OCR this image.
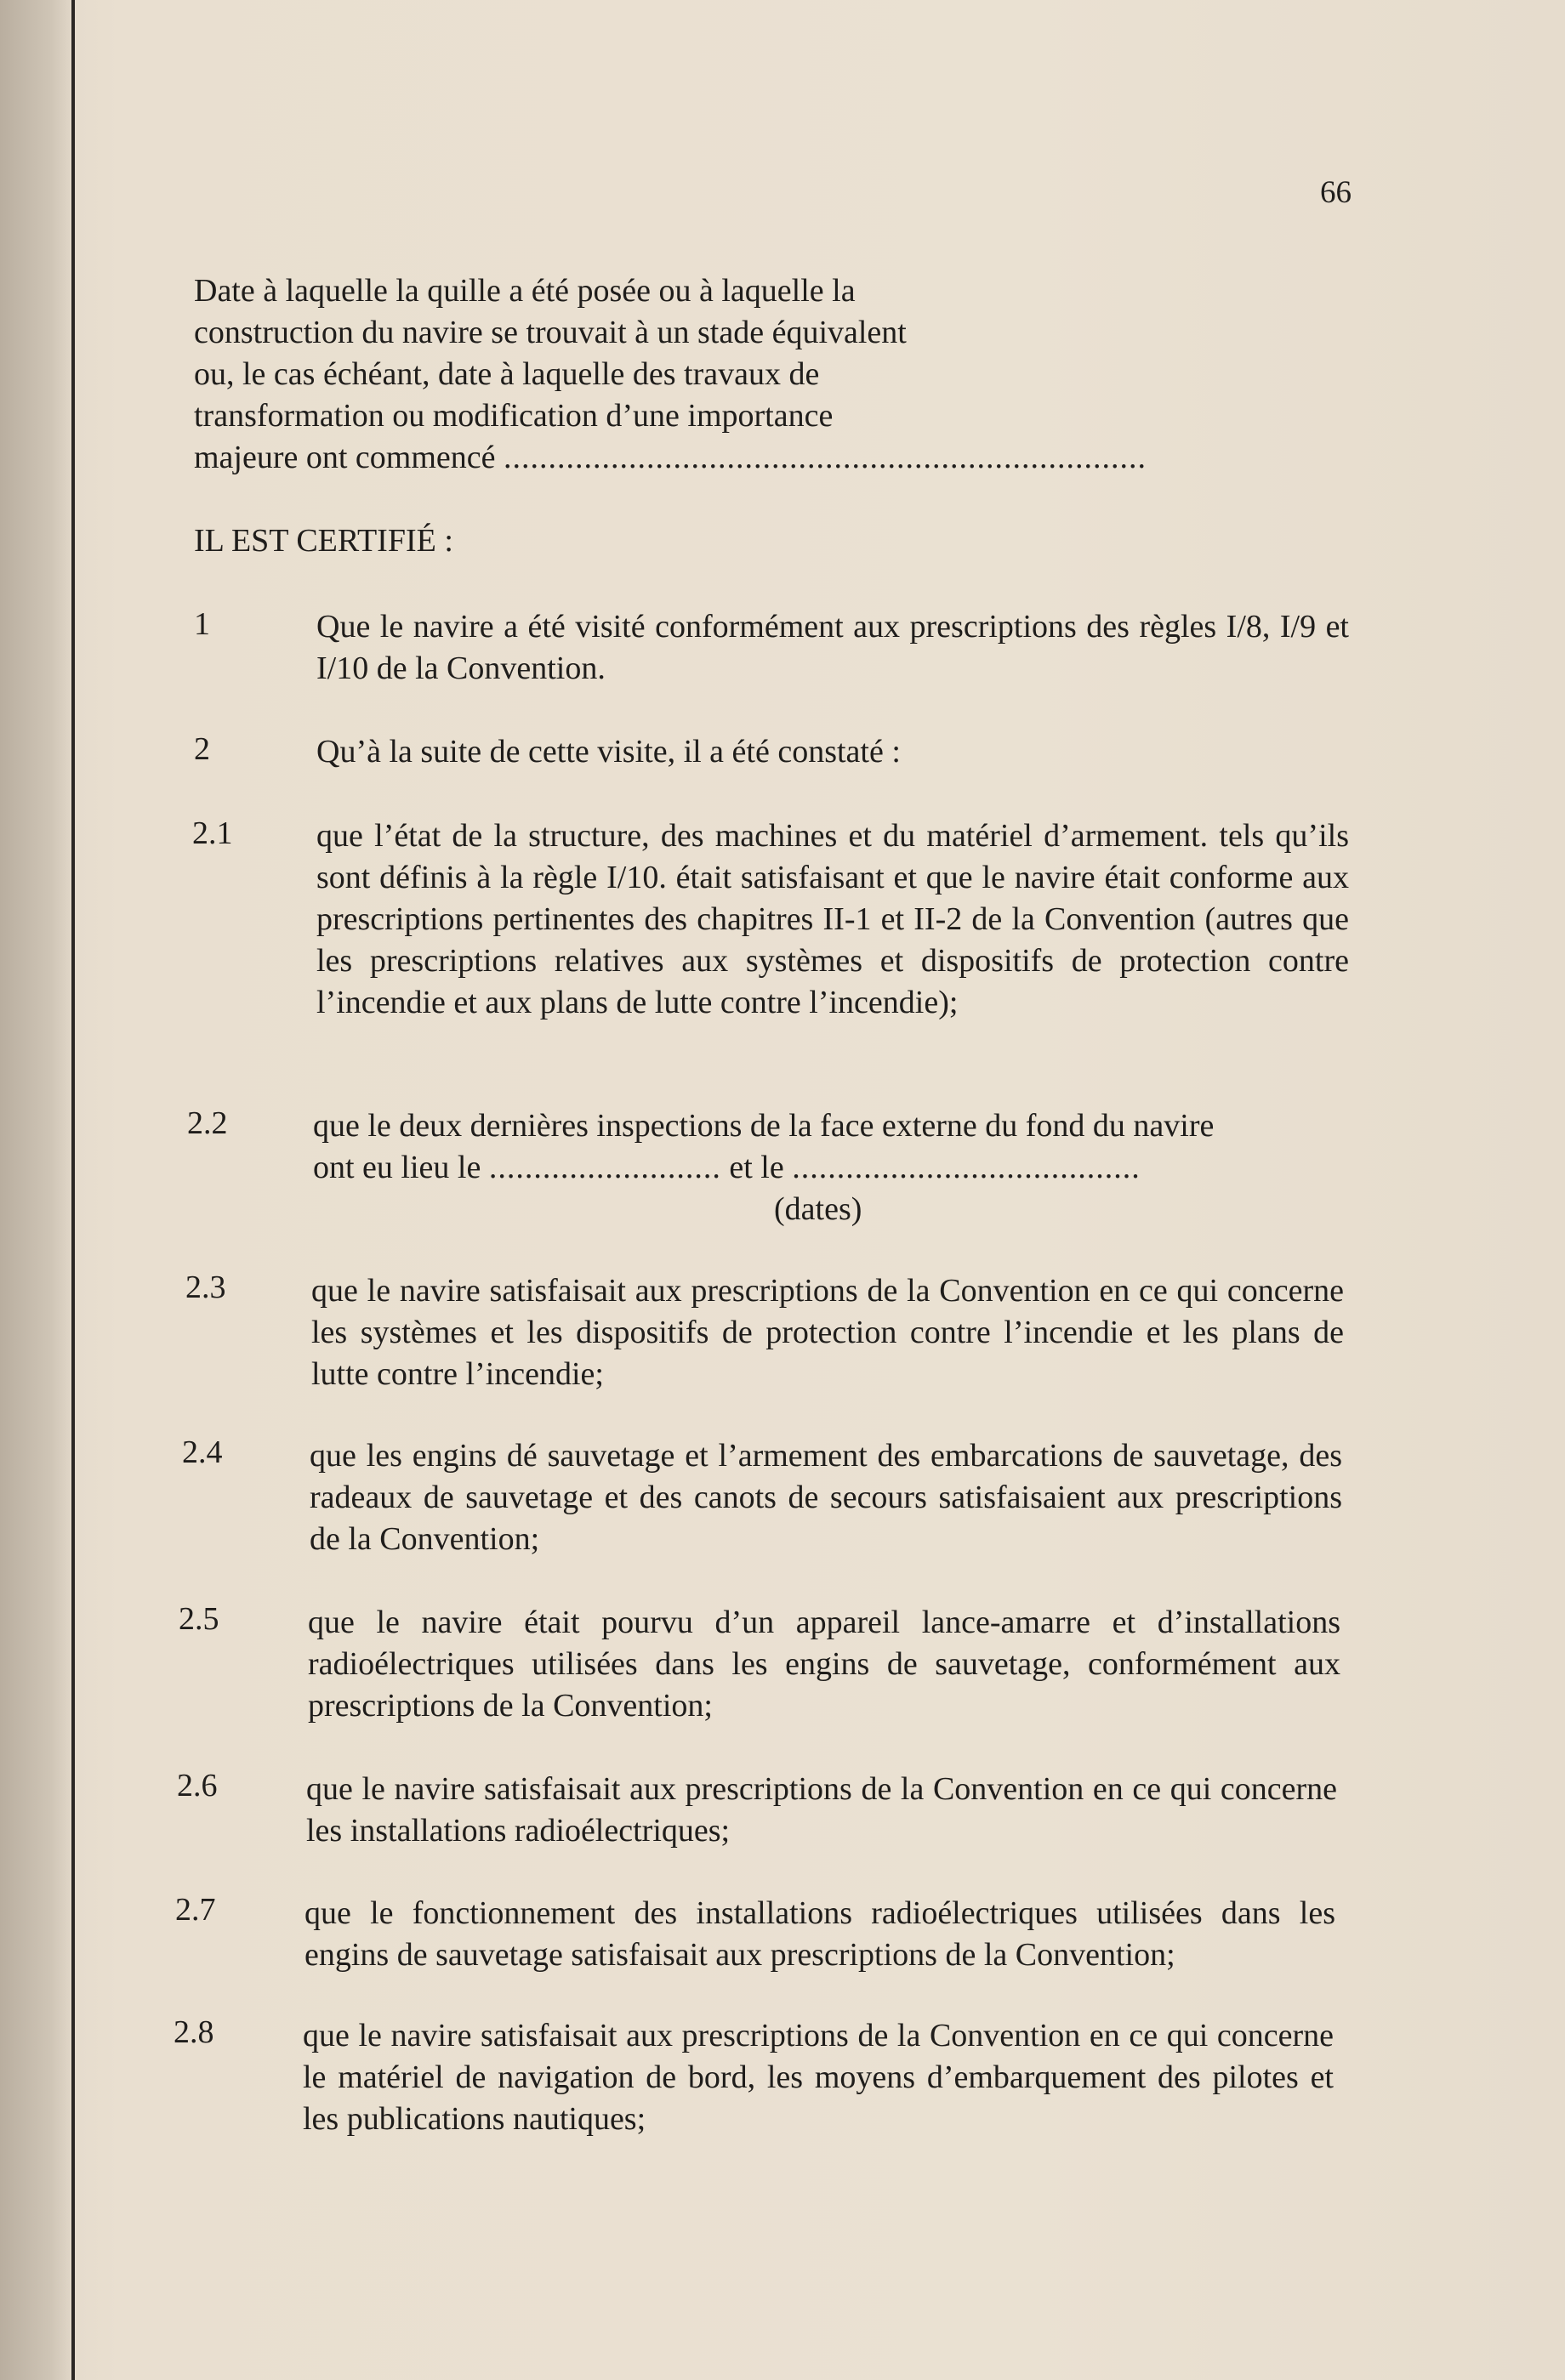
66

Date à laquelle la quille a été posée ou à laquelle la

construction du navire se trouvait à un stade équivalent

ou, le cas échéant, date à laquelle des travaux de

transformation ou modification d’une importance

majeure ont commencé ........................................................................

IL EST CERTIFIÉ :

1	Que le navire a été visité conformément aux prescriptions des règles I/8, I/9 et I/10 de la Convention.

2	Qu’à la suite de cette visite, il a été constaté :

2.1	que l’état de la structure, des machines et du matériel d’armement. tels qu’ils sont définis à la règle I/10. était satisfaisant et que le navire était conforme aux prescriptions pertinentes des chapitres II-1 et II-2 de la Convention (autres que les prescriptions relatives aux systèmes et dispositifs de protection contre l’incendie et aux plans de lutte contre l’incendie);

2.2	que le deux dernières inspections de la face externe du fond du navire

ont eu lieu le .......................... et le .......................................

(dates)

2.3	que le navire satisfaisait aux prescriptions de la Convention en ce qui concerne les systèmes et les dispositifs de protection contre l’incendie et les plans de lutte contre l’incendie;

2.4	que les engins dé sauvetage et l’armement des embarcations de sauvetage, des radeaux de sauvetage et des canots de secours satisfaisaient aux prescriptions de la Convention;

2.5	que le navire était pourvu d’un appareil lance-amarre et d’installations radioélectriques utilisées dans les engins de sauvetage, conformément aux prescriptions de la Convention;

2.6	que le navire satisfaisait aux prescriptions de la Convention en ce qui concerne les installations radioélectriques;

2.7	que le fonctionnement des installations radioélectriques utilisées dans les engins de sauvetage satisfaisait aux prescriptions de la Convention;

2.8	que le navire satisfaisait aux prescriptions de la Convention en ce qui concerne le matériel de navigation de bord, les moyens d’embarquement des pilotes et les publications nautiques;
